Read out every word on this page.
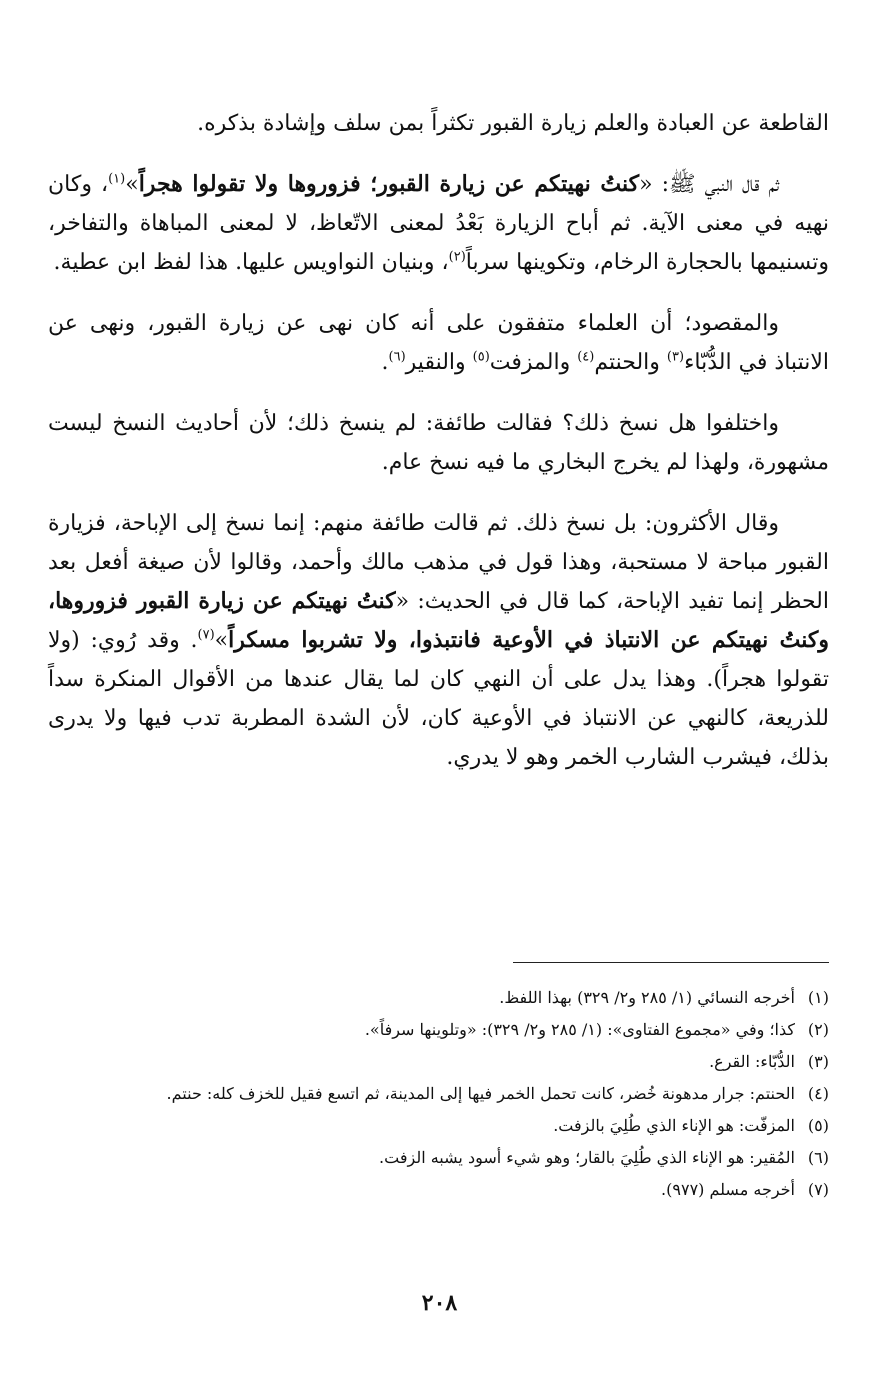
القاطعة عن العبادة والعلم زيارة القبور تكثراً بمن سلف وإشادة بذكره.

ثم قال النبي ﷺ: «كنتُ نهيتكم عن زيارة القبور؛ فزوروها ولا تقولوا هجراً»$^{(١)}$، وكان نهيه في معنى الآية. ثم أباح الزيارة بَعْدُ لمعنى الاتّعاظ، لا لمعنى المباهاة والتفاخر، وتسنيمها بالحجارة الرخام، وتكوينها سرباً$^{(٢)}$، وبنيان النواويس عليها. هذا لفظ ابن عطية.

والمقصود؛ أن العلماء متفقون على أنه كان نهى عن زيارة القبور، ونهى عن الانتباذ في الدُّبّاء$^{(٣)}$ والحنتم$^{(٤)}$ والمزفت$^{(٥)}$ والنقير$^{(٦)}$.

واختلفوا هل نسخ ذلك؟ فقالت طائفة: لم ينسخ ذلك؛ لأن أحاديث النسخ ليست مشهورة، ولهذا لم يخرج البخاري ما فيه نسخ عام.

وقال الأكثرون: بل نسخ ذلك. ثم قالت طائفة منهم: إنما نسخ إلى الإباحة، فزيارة القبور مباحة لا مستحبة، وهذا قول في مذهب مالك وأحمد، وقالوا لأن صيغة أفعل بعد الحظر إنما تفيد الإباحة، كما قال في الحديث: «كنتُ نهيتكم عن زيارة القبور فزوروها، وكنتُ نهيتكم عن الانتباذ في الأوعية فانتبذوا، ولا تشربوا مسكراً»$^{(٧)}$. وقد رُوي: (ولا تقولوا هجراً). وهذا يدل على أن النهي كان لما يقال عندها من الأقوال المنكرة سداً للذريعة، كالنهي عن الانتباذ في الأوعية كان، لأن الشدة المطربة تدب فيها ولا يدرى بذلك، فيشرب الشارب الخمر وهو لا يدري.

(١)
أخرجه النسائي (١/ ٢٨٥ و٢/ ٣٢٩) بهذا اللفظ.
(٢)
كذا؛ وفي «مجموع الفتاوى»: (١/ ٢٨٥ و٢/ ٣٢٩): «وتلوينها سرفاً».
(٣)
الدُّبّاء: القرع.
(٤)
الحنتم: جرار مدهونة خُضر، كانت تحمل الخمر فيها إلى المدينة، ثم اتسع فقيل للخزف كله: حنتم.
(٥)
المزفّت: هو الإناء الذي طُلِيَ بالزفت.
(٦)
المُقير: هو الإناء الذي طُلِيَ بالقار؛ وهو شيء أسود يشبه الزفت.
(٧)
أخرجه مسلم (٩٧٧).
٢٠٨
